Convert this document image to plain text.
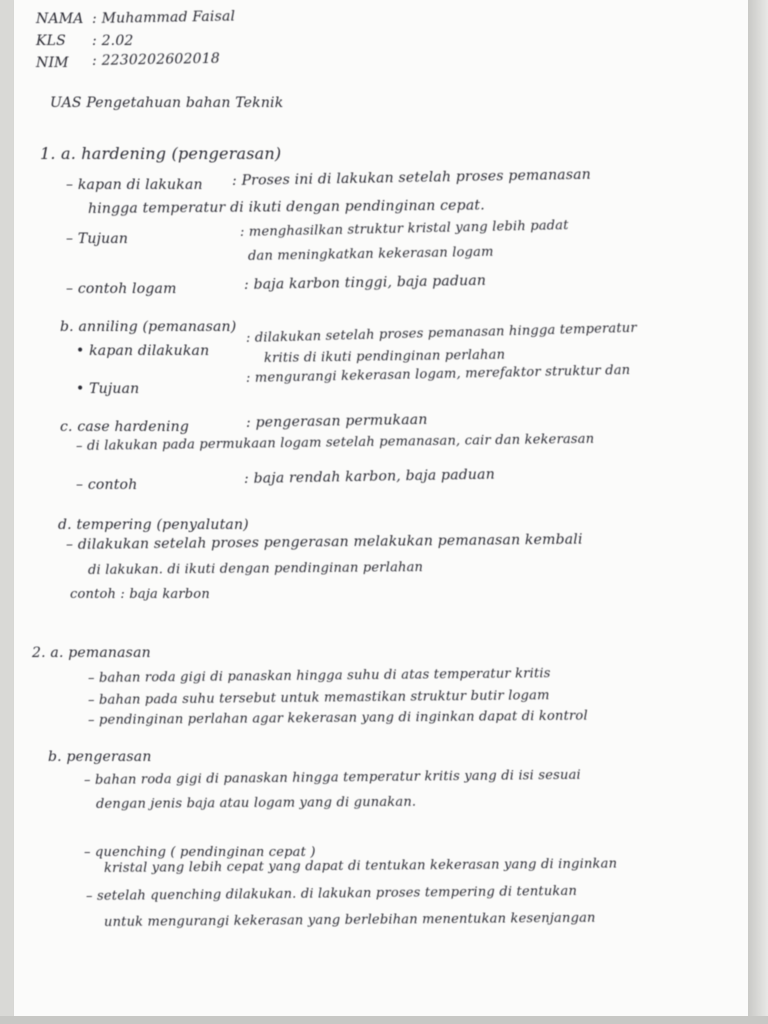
NAMA : Muhammad Faisal
KLS : 2.02
NIM : 2230202602018
UAS Pengetahuan bahan Teknik
1. a. hardening (pengerasan)
– kapan di lakukan : Proses ini di lakukan setelah proses pemanasan
hingga temperatur di ikuti dengan pendinginan cepat.
– Tujuan	: menghasilkan struktur kristal yang lebih padat
dan meningkatkan kekerasan logam
– contoh logam	: baja karbon tinggi, baja paduan
b. anniling (pemanasan)
• kapan dilakukan
: dilakukan setelah proses pemanasan hingga temperatur
kritis di ikuti pendinginan perlahan
• Tujuan
: mengurangi kekerasan logam, merefaktor struktur dan
c. case hardening	: pengerasan permukaan
– di lakukan pada permukaan logam setelah pemanasan, cair dan kekerasan
– contoh	: baja rendah karbon, baja paduan
d. tempering (penyalutan)
– dilakukan setelah proses pengerasan melakukan pemanasan kembali
di lakukan. di ikuti dengan pendinginan perlahan
contoh : baja karbon
2. a. pemanasan
– bahan roda gigi di panaskan hingga suhu di atas temperatur kritis
– bahan pada suhu tersebut untuk memastikan struktur butir logam
– pendinginan perlahan agar kekerasan yang di inginkan dapat di kontrol
b. pengerasan
– bahan roda gigi di panaskan hingga temperatur kritis yang di isi sesuai
dengan jenis baja atau logam yang di gunakan.
– quenching ( pendinginan cepat )
kristal yang lebih cepat yang dapat di tentukan kekerasan yang di inginkan
– setelah quenching dilakukan. di lakukan proses tempering di tentukan
untuk mengurangi kekerasan yang berlebihan menentukan kesenjangan
